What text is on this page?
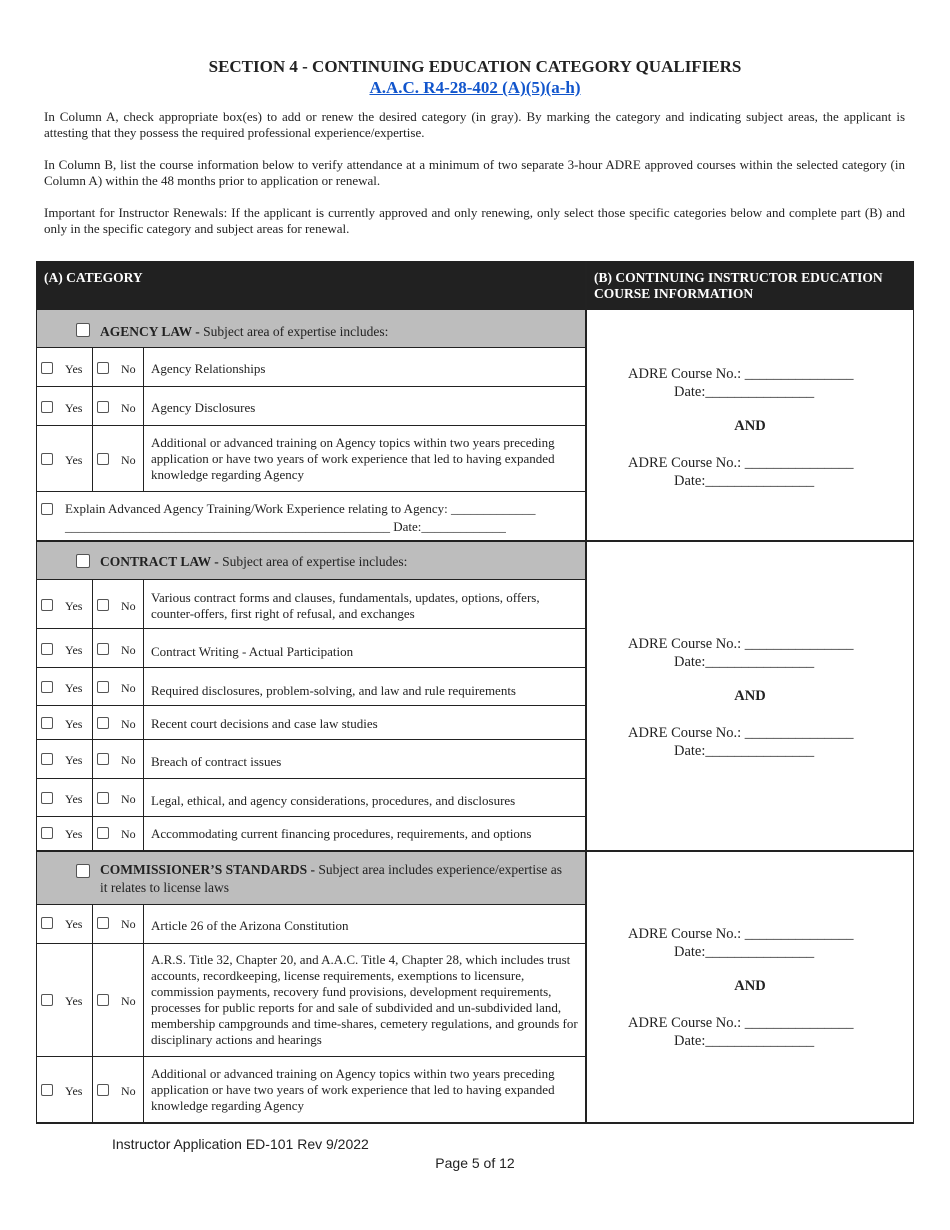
SECTION 4 - CONTINUING EDUCATION CATEGORY QUALIFIERS
A.A.C. R4-28-402 (A)(5)(a-h)
In Column A, check appropriate box(es) to add or renew the desired category (in gray). By marking the category and indicating subject areas, the applicant is attesting that they possess the required professional experience/expertise.
In Column B, list the course information below to verify attendance at a minimum of two separate 3-hour ADRE approved courses within the selected category (in Column A) within the 48 months prior to application or renewal.
Important for Instructor Renewals: If the applicant is currently approved and only renewing, only select those specific categories below and complete part (B) and only in the specific category and subject areas for renewal.
(A) CATEGORY	(B) CONTINUING INSTRUCTOR EDUCATION COURSE INFORMATION
AGENCY LAW - Subject area of expertise includes:
Yes	No Agency Relationships
Yes	No Agency Disclosures
Yes	No
Additional or advanced training on Agency topics within two years preceding application or have two years of work experience that led to having expanded knowledge regarding Agency
Explain Advanced Agency Training/Work Experience relating to Agency: _____________
__________________________________________________ Date:_____________
ADRE Course No.: _______________
Date:_______________
AND
ADRE Course No.: _______________
Date:_______________
CONTRACT LAW - Subject area of expertise includes:
Yes	No
Various contract forms and clauses, fundamentals, updates, options, offers, counter-offers, first right of refusal, and exchanges
Yes	No Contract Writing - Actual Participation
Yes	No Required disclosures, problem-solving, and law and rule requirements
Yes	No Recent court decisions and case law studies
Yes	No Breach of contract issues
Yes	No Legal, ethical, and agency considerations, procedures, and disclosures
Yes	No Accommodating current financing procedures, requirements, and options
ADRE Course No.: _______________
Date:_______________
AND
ADRE Course No.: _______________
Date:_______________
COMMISSIONER’S STANDARDS - Subject area includes experience/expertise as it relates to license laws
Yes	No Article 26 of the Arizona Constitution
Yes	No
A.R.S. Title 32, Chapter 20, and A.A.C. Title 4, Chapter 28, which includes trust accounts, recordkeeping, license requirements, exemptions to licensure, commission payments, recovery fund provisions, development requirements, processes for public reports for and sale of subdivided and un-subdivided land, membership campgrounds and time-shares, cemetery regulations, and grounds for disciplinary actions and hearings
Yes	No
Additional or advanced training on Agency topics within two years preceding application or have two years of work experience that led to having expanded knowledge regarding Agency
ADRE Course No.: _______________
Date:_______________
AND
ADRE Course No.: _______________
Date:_______________
Instructor Application ED-101 Rev 9/2022
Page 5 of 12
